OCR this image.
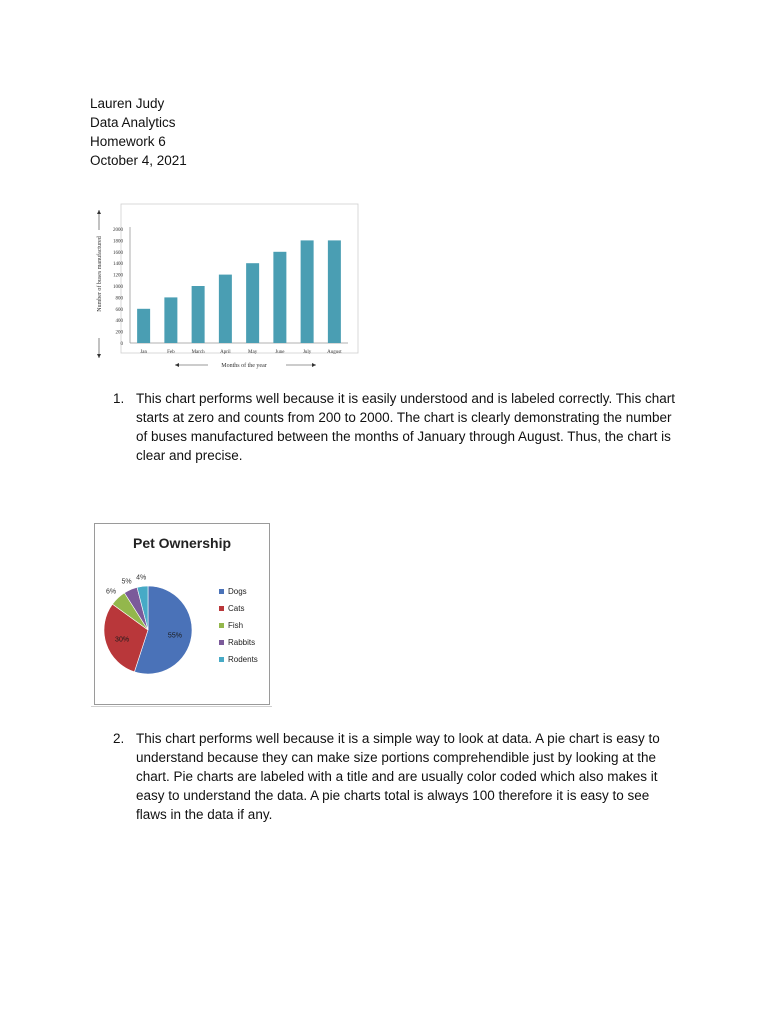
Lauren Judy
Data Analytics
Homework 6
October 4, 2021
0
200
400
600
800
1000
1200
1400
1600
1800
2000
Jan	Feb	March	April	May	June	July	August
Months of the year
Number of buses manufactured
1. This chart performs well because it is easily understood and is labeled correctly. This chart starts at zero and counts from 200 to 2000. The chart is clearly demonstrating the number of buses manufactured between the months of January through August. Thus, the chart is clear and precise.
Pet Ownership
55%
30%
6%
5%
4%
Dogs
Cats
Fish
Rabbits
Rodents
2. This chart performs well because it is a simple way to look at data. A pie chart is easy to understand because they can make size portions comprehendible just by looking at the chart. Pie charts are labeled with a title and are usually color coded which also makes it easy to understand the data. A pie charts total is always 100 therefore it is easy to see flaws in the data if any.
